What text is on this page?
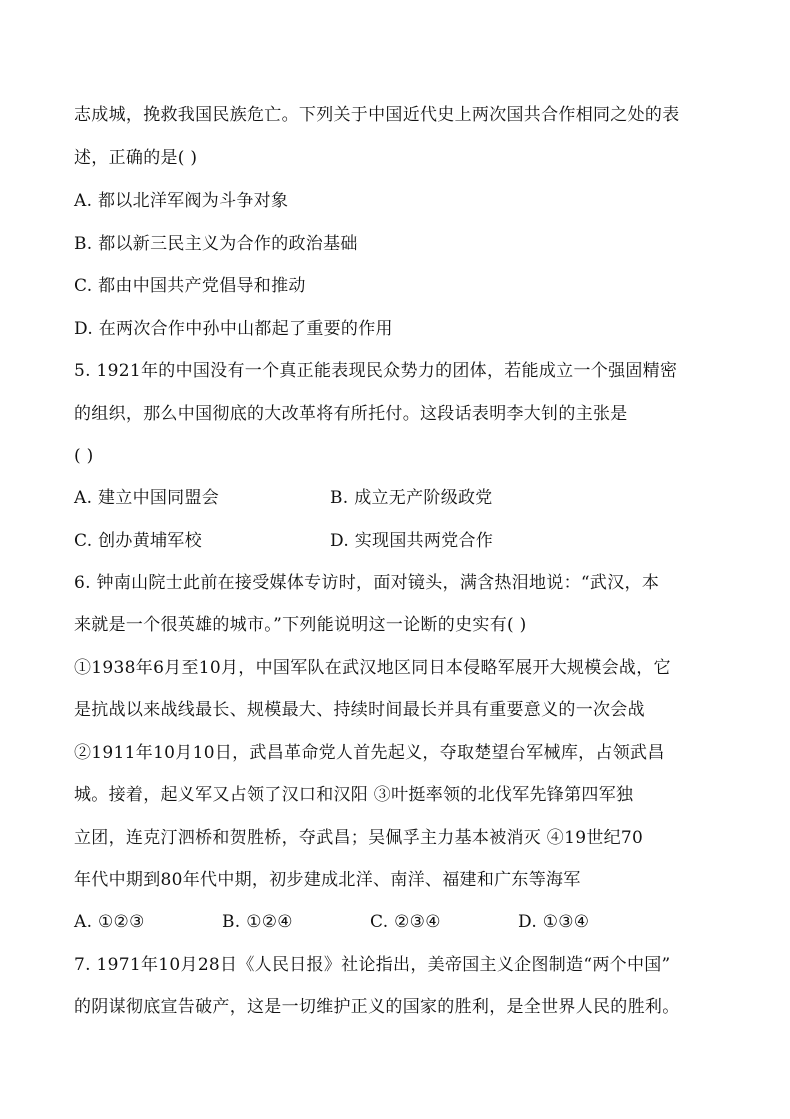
志成城，挽救我国民族危亡。下列关于中国近代史上两次国共合作相同之处的表
述，正确的是( )
A. 都以北洋军阀为斗争对象
B. 都以新三民主义为合作的政治基础
C. 都由中国共产党倡导和推动
D. 在两次合作中孙中山都起了重要的作用
5. 1921年的中国没有一个真正能表现民众势力的团体，若能成立一个强固精密
的组织，那么中国彻底的大改革将有所托付。这段话表明李大钊的主张是
( )
A. 建立中国同盟会	B. 成立无产阶级政党
C. 创办黄埔军校	D. 实现国共两党合作
6. 钟南山院士此前在接受媒体专访时，面对镜头，满含热泪地说：“武汉，本
来就是一个很英雄的城市。”下列能说明这一论断的史实有( )
①1938年6月至10月，中国军队在武汉地区同日本侵略军展开大规模会战，它
是抗战以来战线最长、规模最大、持续时间最长并具有重要意义的一次会战
②1911年10月10日，武昌革命党人首先起义，夺取楚望台军械库，占领武昌
城。接着，起义军又占领了汉口和汉阳 ③叶挺率领的北伐军先锋第四军独
立团，连克汀泗桥和贺胜桥，夺武昌；吴佩孚主力基本被消灭 ④19世纪70
年代中期到80年代中期，初步建成北洋、南洋、福建和广东等海军
A. ①②③	B. ①②④	C. ②③④	D. ①③④
7. 1971年10月28日《人民日报》社论指出，美帝国主义企图制造“两个中国”
的阴谋彻底宣告破产，这是一切维护正义的国家的胜利，是全世界人民的胜利。
